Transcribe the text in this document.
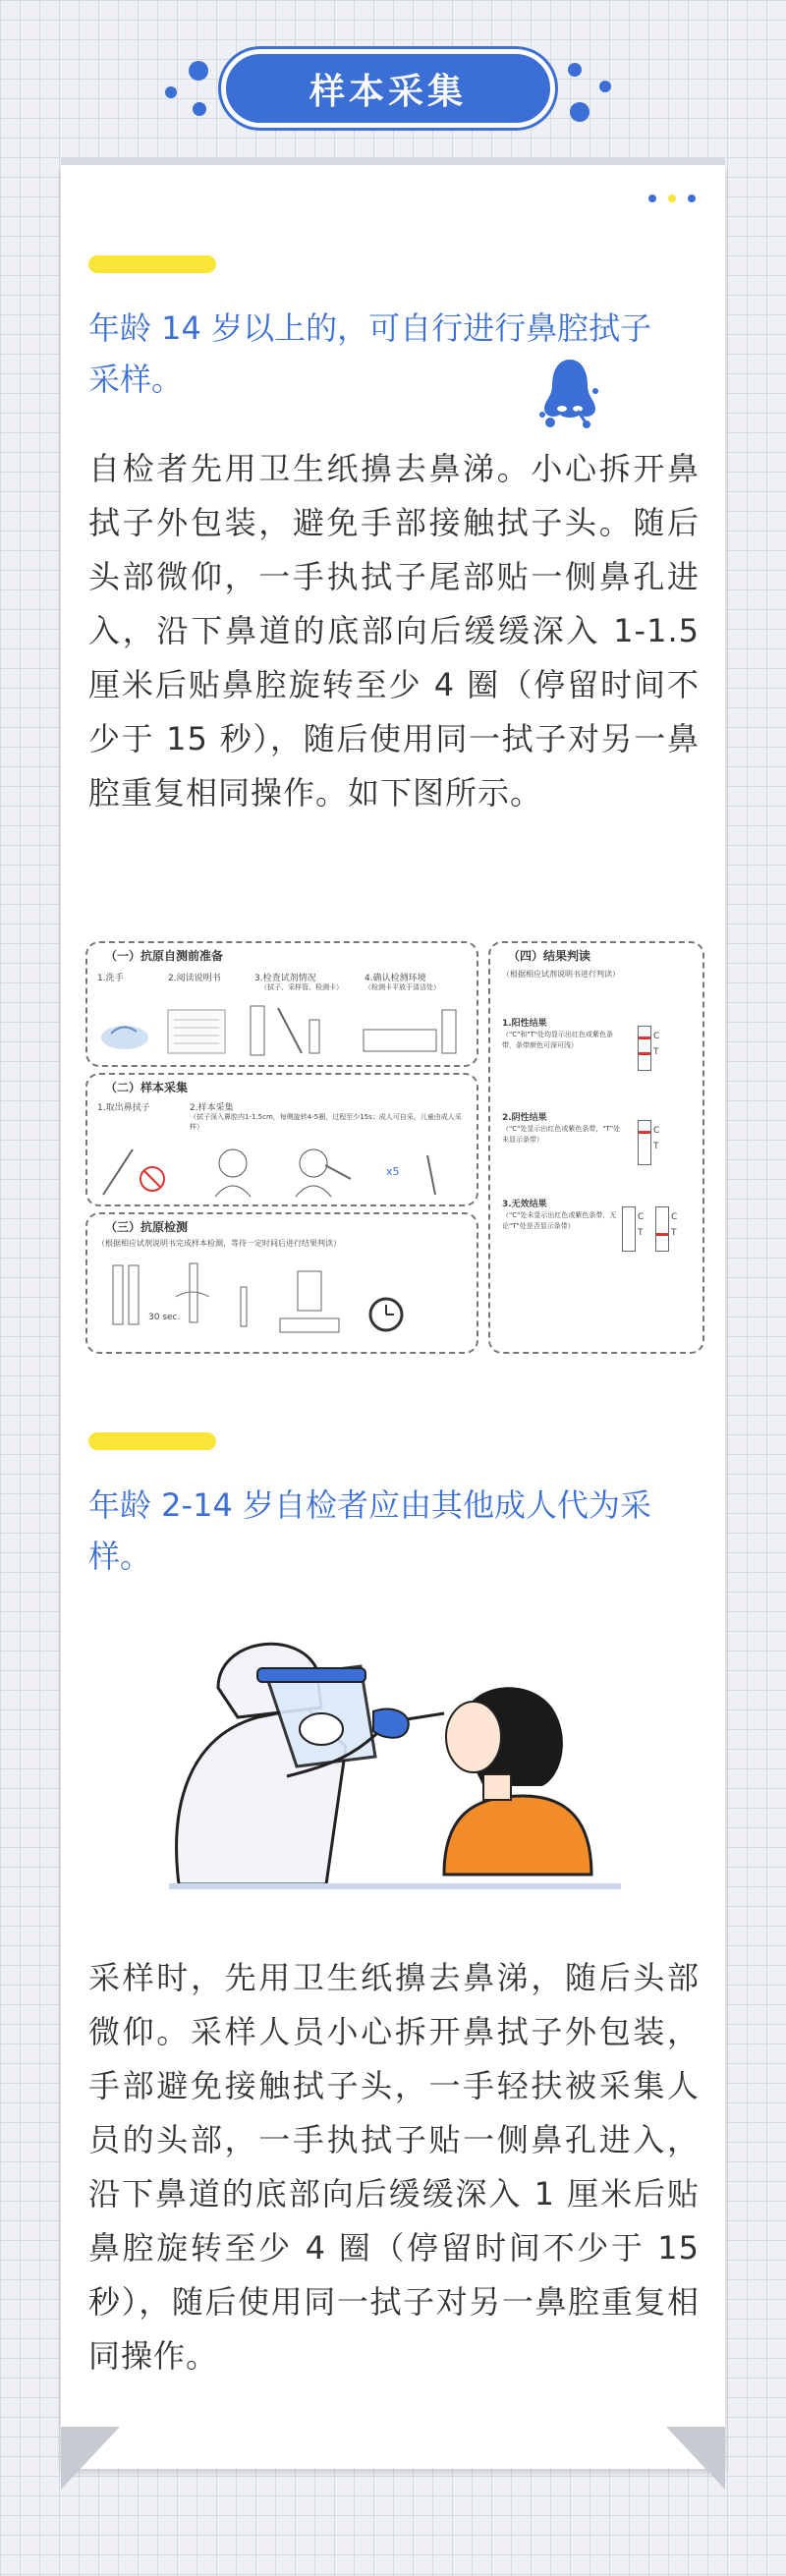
样本采集
年龄 14 岁以上的，可自行进行鼻腔拭子采样。

自检者先用卫生纸擤去鼻涕。小心拆开鼻拭子外包装，避免手部接触拭子头。随后头部微仰，一手执拭子尾部贴一侧鼻孔进入，沿下鼻道的底部向后缓缓深入 1-1.5 厘米后贴鼻腔旋转至少 4 圈（停留时间不少于 15 秒），随后使用同一拭子对另一鼻腔重复相同操作。如下图所示。

（一）抗原自测前准备
1.洗手	2.阅读说明书	3.检查试剂情况	4.确认检测环境
（拭子、采样管、检测卡）	（检测卡平放于清洁处）
（二）样本采集
1.取出鼻拭子	2.样本采集
（拭子深入鼻腔内1-1.5cm，每侧旋转4-5圈，过程至少15s；成人可自采，儿童由成人采样）
x5
（三）抗原检测
（根据相应试剂说明书完成样本检测，等待一定时间后进行结果判读）
30 sec.
（四）结果判读
（根据相应试剂说明书进行判读）
1.阳性结果
（"C"和"T"处均显示出红色或紫色条带，条带颜色可深可浅）
C
T
2.阴性结果
（"C"处显示出红色或紫色条带，"T"处未显示条带）
C
T
3.无效结果
（"C"处未显示出红色或紫色条带，无论"T"处是否显示条带）
C
T
C
T
年龄 2-14 岁自检者应由其他成人代为采样。

采样时，先用卫生纸擤去鼻涕，随后头部微仰。采样人员小心拆开鼻拭子外包装，手部避免接触拭子头，一手轻扶被采集人员的头部，一手执拭子贴一侧鼻孔进入，沿下鼻道的底部向后缓缓深入 1 厘米后贴鼻腔旋转至少 4 圈（停留时间不少于 15 秒），随后使用同一拭子对另一鼻腔重复相同操作。
